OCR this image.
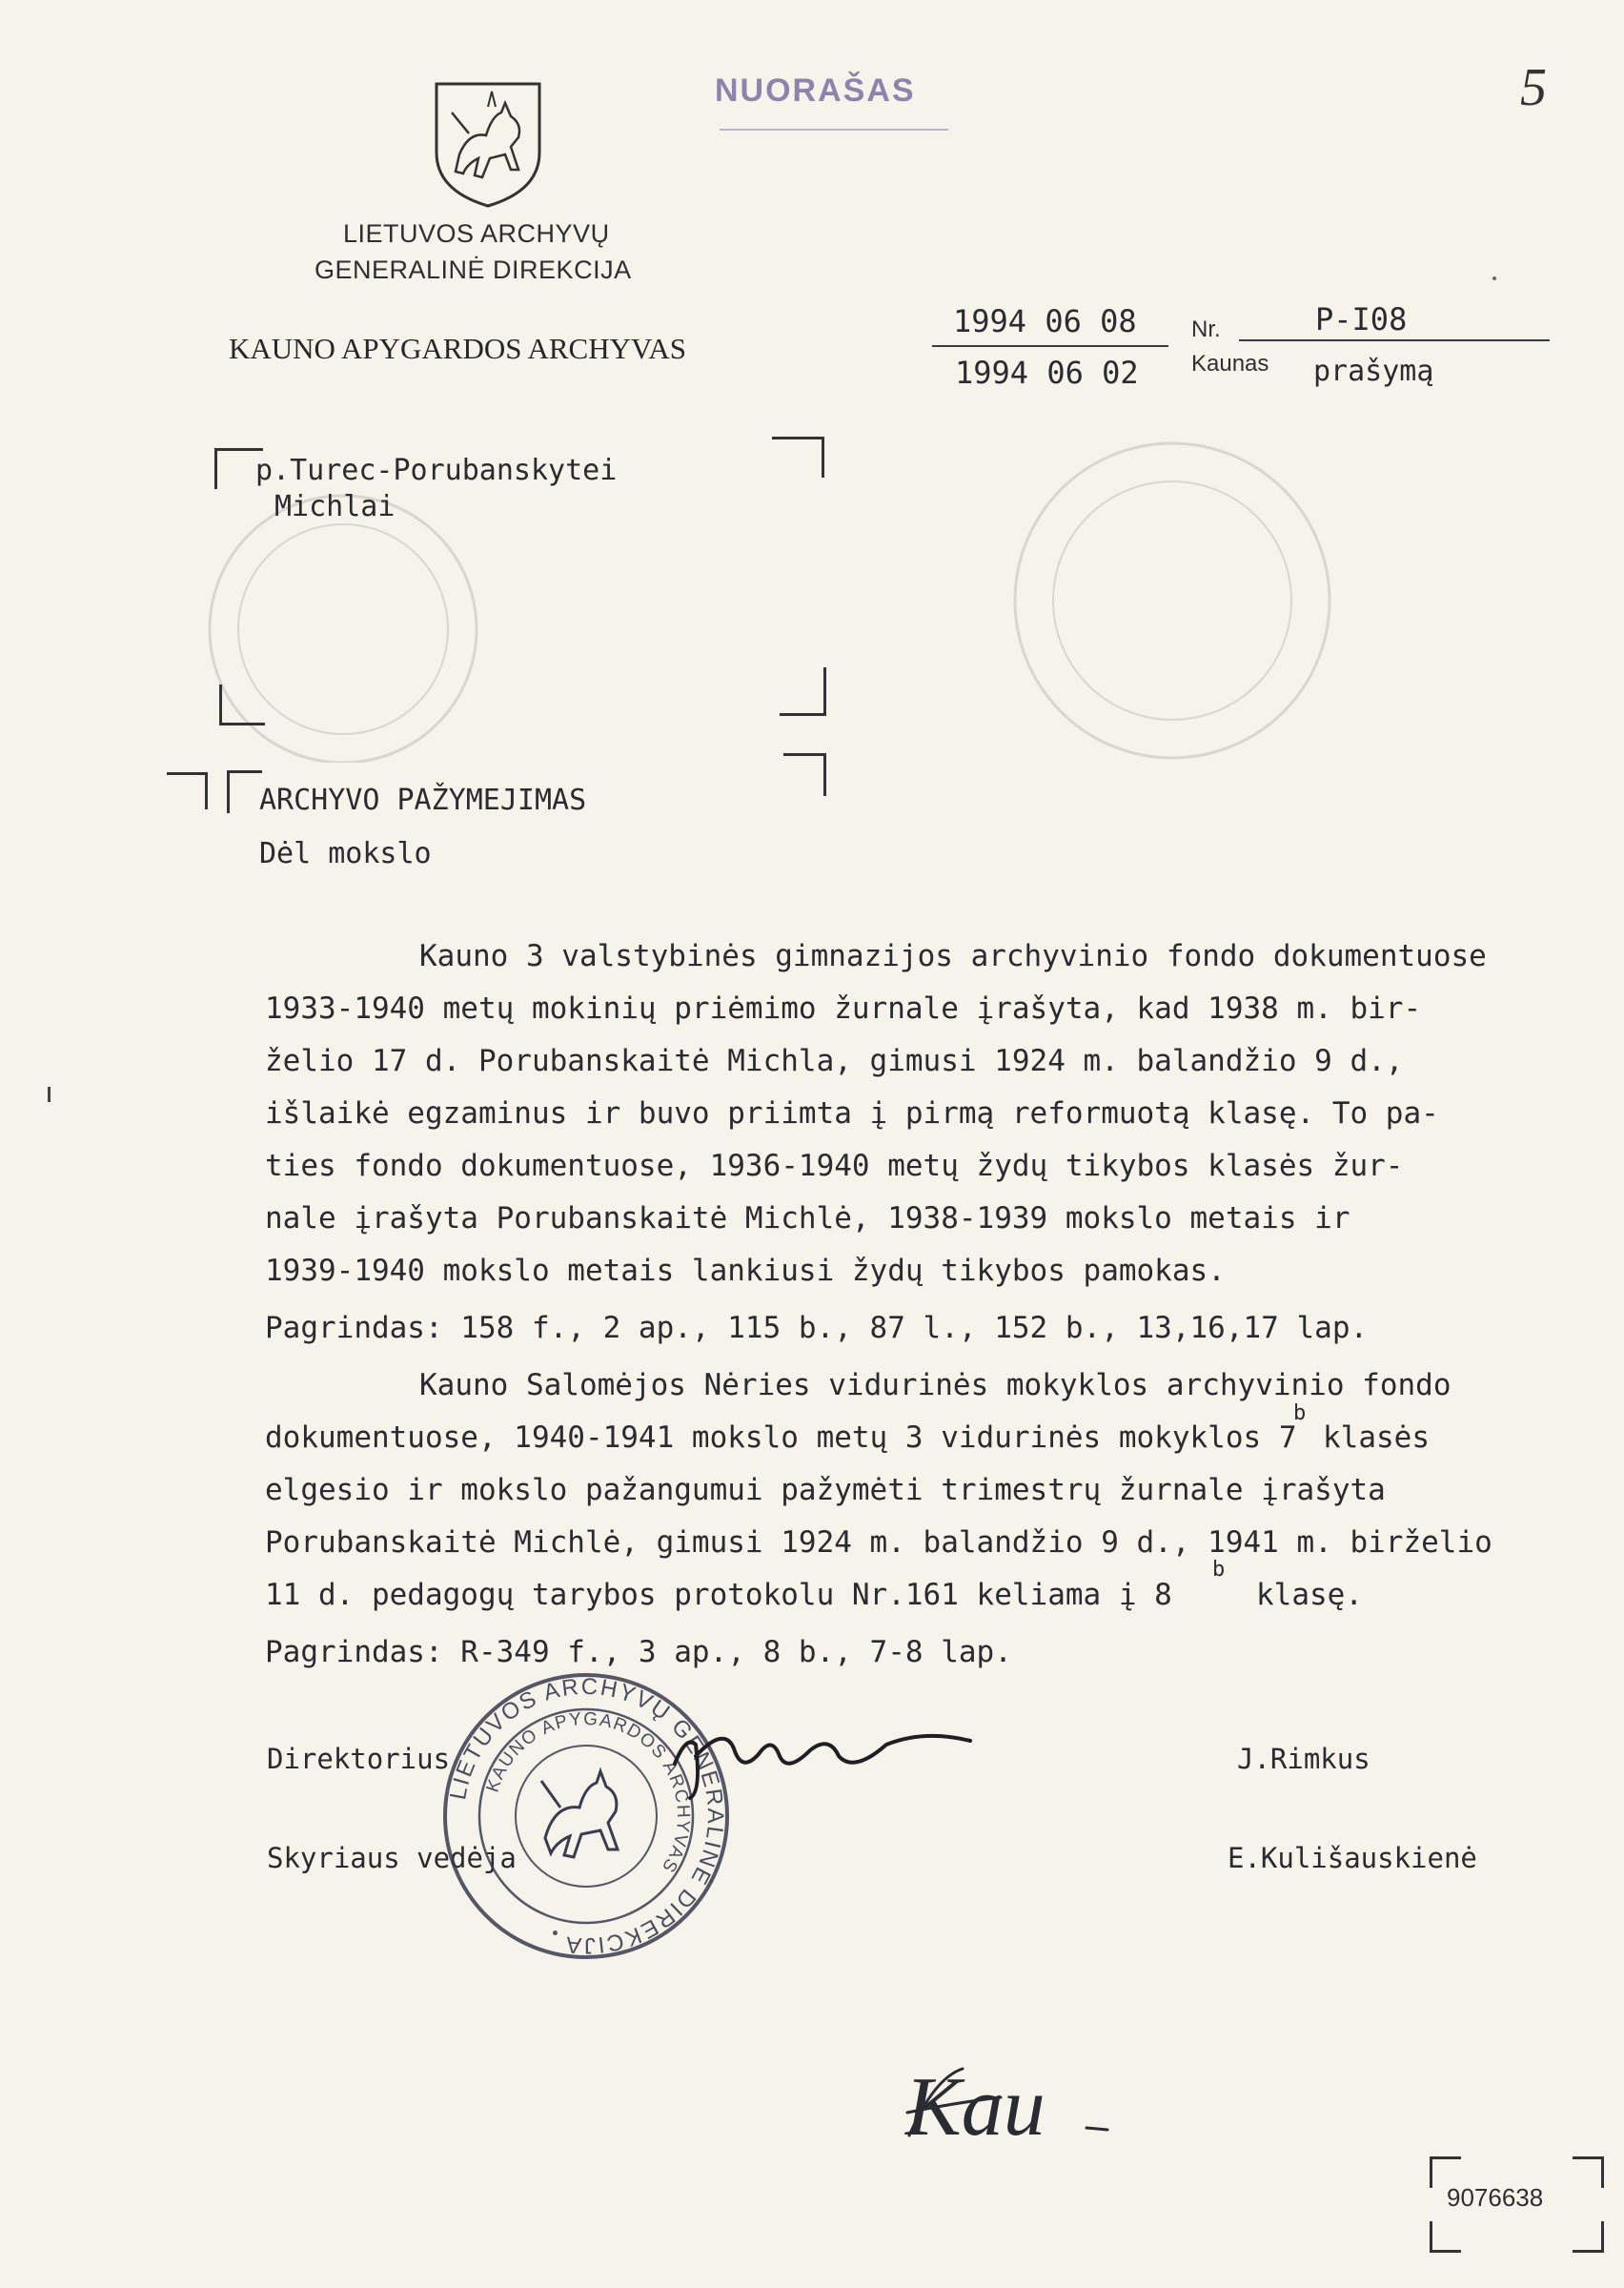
5
NUORAŠAS
LIETUVOS ARCHYVŲ
GENERALINĖ DIREKCIJA
KAUNO APYGARDOS ARCHYVAS
1994 06 08 Nr.	P-I08
1994 06 02 Kaunas prašymą
p.Turec-Porubanskytei
Michlai
ARCHYVO PAŽYMEJIMAS
Dėl mokslo
Kauno 3 valstybinės gimnazijos archyvinio fondo dokumentuose
1933-1940 metų mokinių priėmimo žurnale įrašyta, kad 1938 m. bir-
želio 17 d. Porubanskaitė Michla, gimusi 1924 m. balandžio 9 d.,
išlaikė egzaminus ir buvo priimta į pirmą reformuotą klasę. To pa-
ties fondo dokumentuose, 1936-1940 metų žydų tikybos klasės žur-
nale įrašyta Porubanskaitė Michlė, 1938-1939 mokslo metais ir
1939-1940 mokslo metais lankiusi žydų tikybos pamokas.
Pagrindas: 158 f., 2 ap., 115 b., 87 l., 152 b., 13,16,17 lap.
Kauno Salomėjos Nėries vidurinės mokyklos archyvinio fondo
dokumentuose, 1940-1941 mokslo metų 3 vidurinės mokyklos 7
b
klasės
elgesio ir mokslo pažangumui pažymėti trimestrų žurnale įrašyta
Porubanskaitė Michlė, gimusi 1924 m. balandžio 9 d., 1941 m. birželio
11 d. pedagogų tarybos protokolu Nr.161 keliama į 8
b
klasę.
Pagrindas: R-349 f., 3 ap., 8 b., 7-8 lap.
Direktorius	J.Rimkus
Skyriaus vedėja	E.Kulišauskienė
LIETUVOS ARCHYVŲ GENERALINĖ DIREKCIJA
KAUNO APYGARDOS ARCHYVAS
Kau
9076638
